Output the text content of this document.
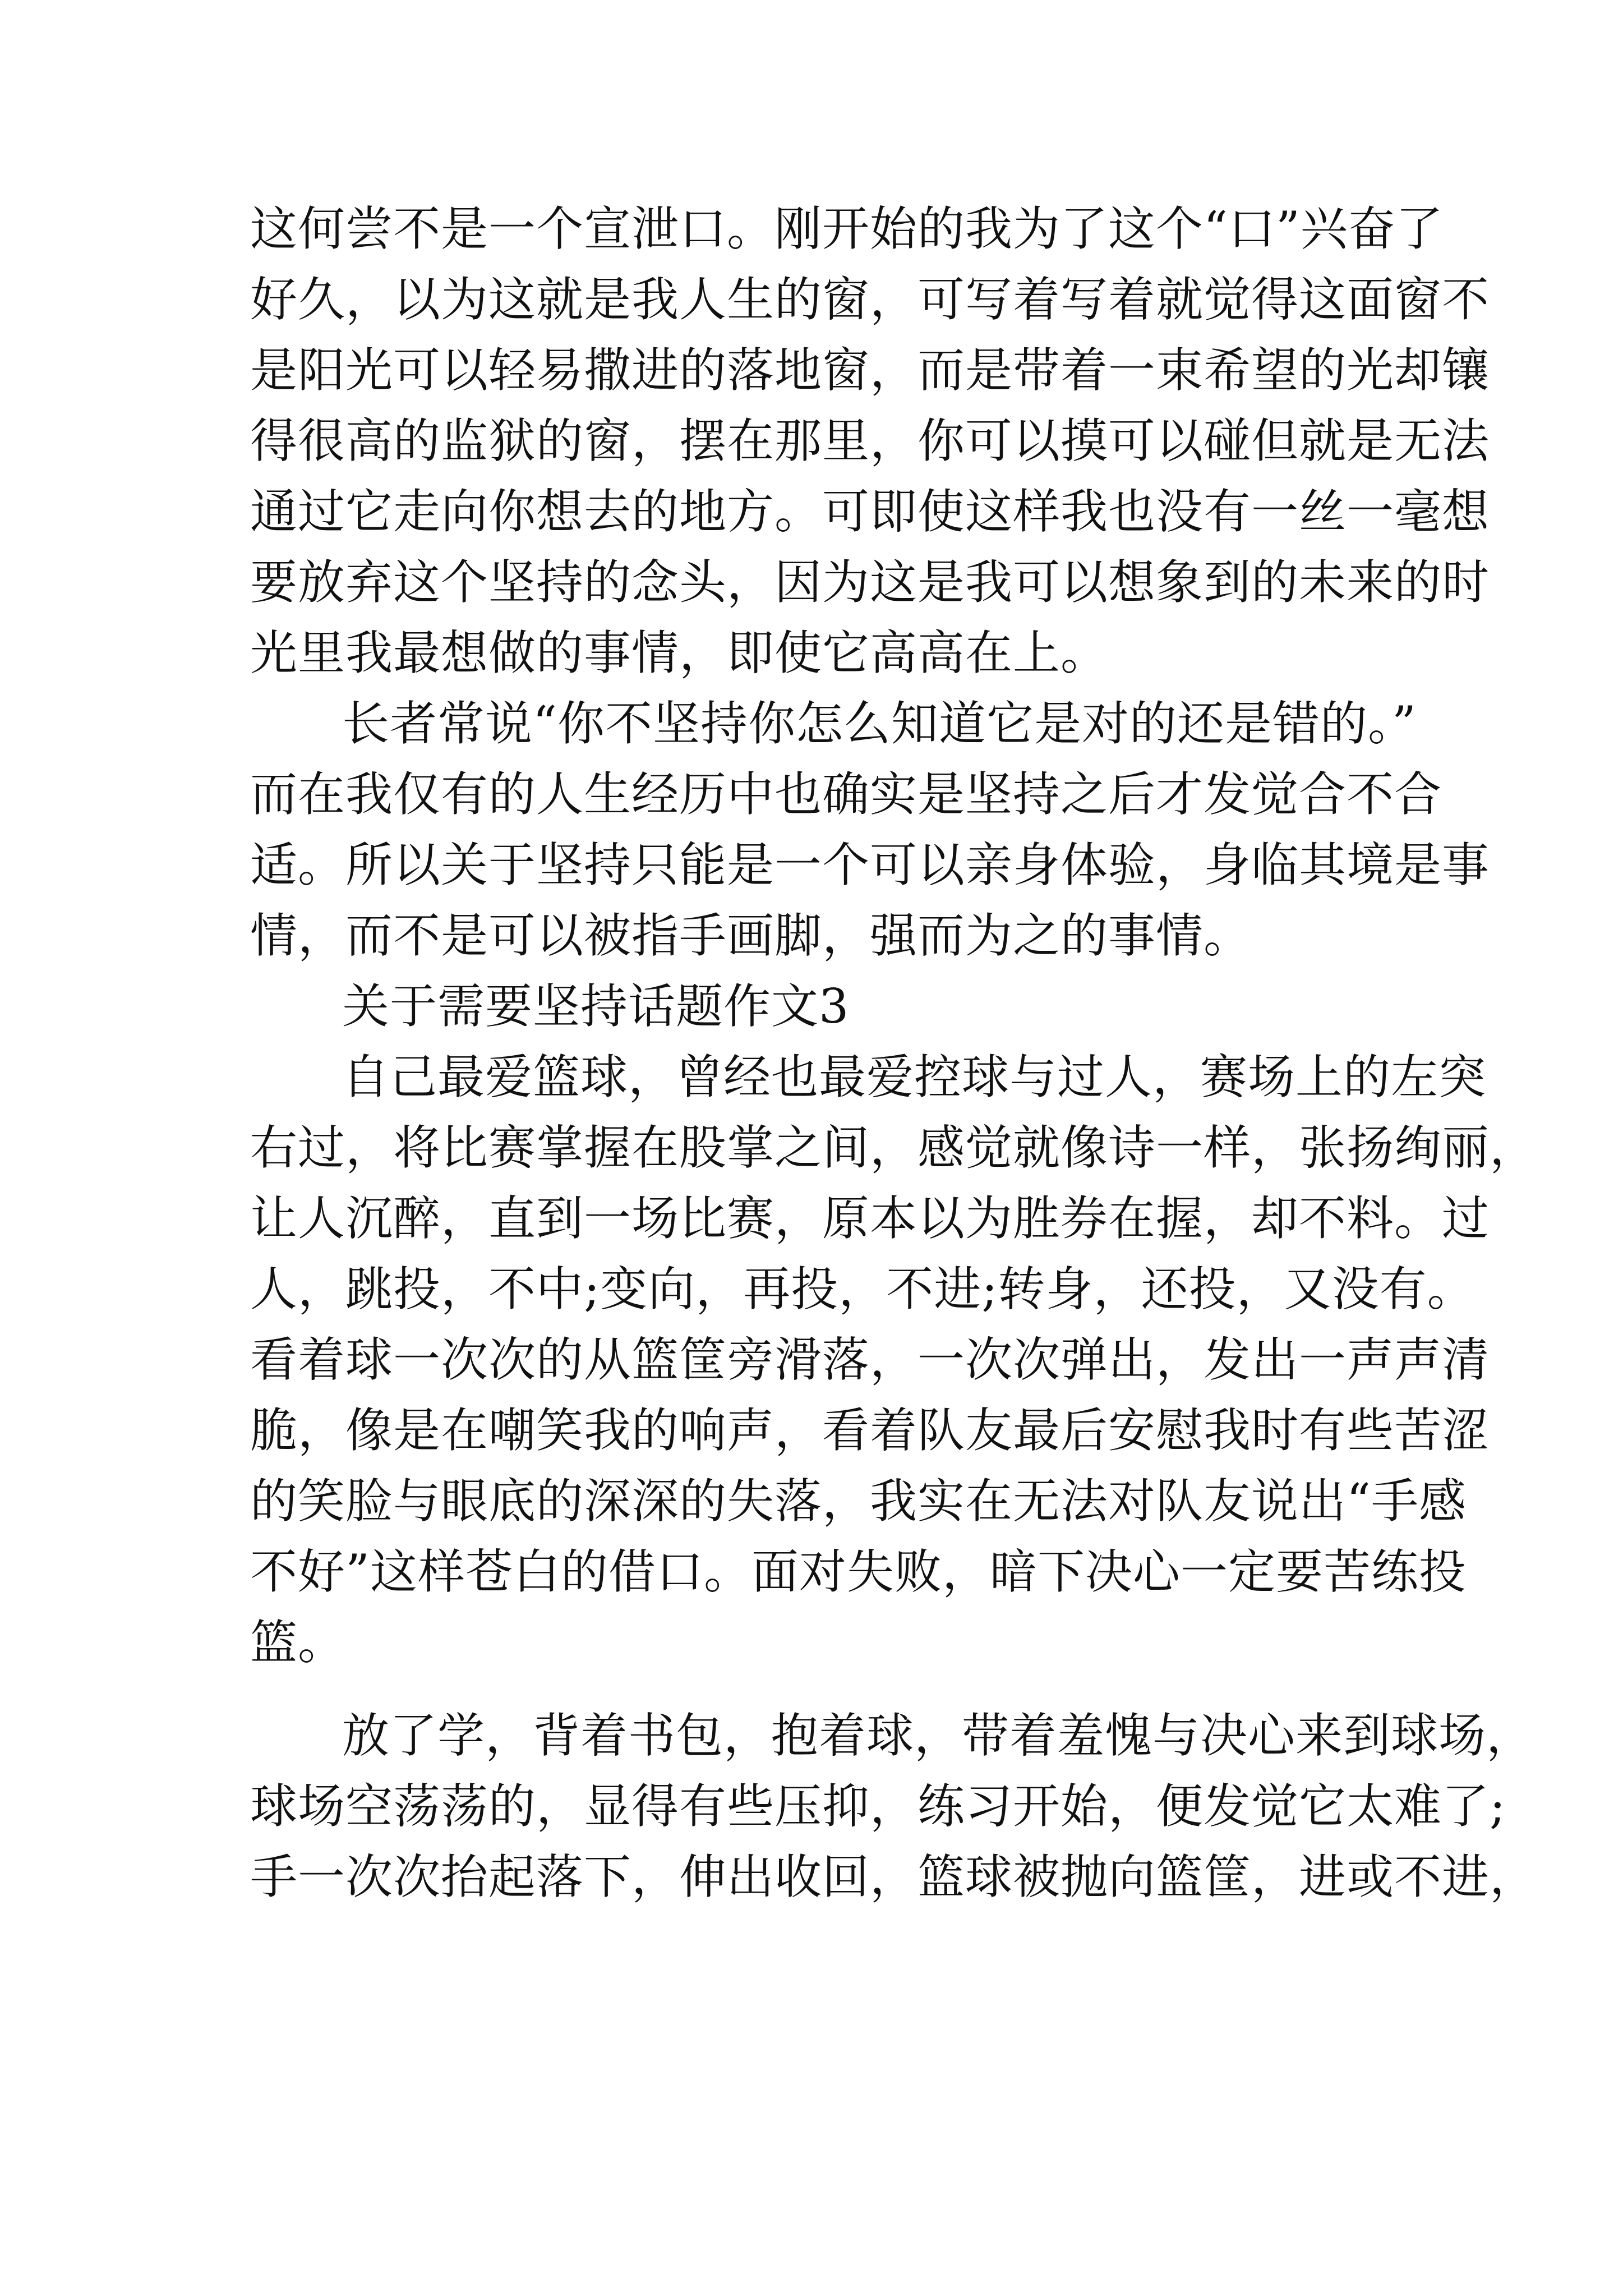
这何尝不是一个宣泄口。刚开始的我为了这个“口”兴奋了
好久，以为这就是我人生的窗，可写着写着就觉得这面窗不
是阳光可以轻易撒进的落地窗，而是带着一束希望的光却镶
得很高的监狱的窗，摆在那里，你可以摸可以碰但就是无法
通过它走向你想去的地方。可即使这样我也没有一丝一毫想
要放弃这个坚持的念头，因为这是我可以想象到的未来的时
光里我最想做的事情，即使它高高在上。
长者常说“你不坚持你怎么知道它是对的还是错的。”
而在我仅有的人生经历中也确实是坚持之后才发觉合不合
适。所以关于坚持只能是一个可以亲身体验，身临其境是事
情，而不是可以被指手画脚，强而为之的事情。
关于需要坚持话题作文3
自己最爱篮球，曾经也最爱控球与过人，赛场上的左突
右过，将比赛掌握在股掌之间，感觉就像诗一样，张扬绚丽，
让人沉醉，直到一场比赛，原本以为胜券在握，却不料。过
人，跳投，不中;变向，再投，不进;转身，还投，又没有。
看着球一次次的从篮筐旁滑落，一次次弹出，发出一声声清
脆，像是在嘲笑我的响声，看着队友最后安慰我时有些苦涩
的笑脸与眼底的深深的失落，我实在无法对队友说出“手感
不好”这样苍白的借口。面对失败，暗下决心一定要苦练投
篮。
放了学，背着书包，抱着球，带着羞愧与决心来到球场，
球场空荡荡的，显得有些压抑，练习开始，便发觉它太难了;
手一次次抬起落下，伸出收回，篮球被抛向篮筐，进或不进，
